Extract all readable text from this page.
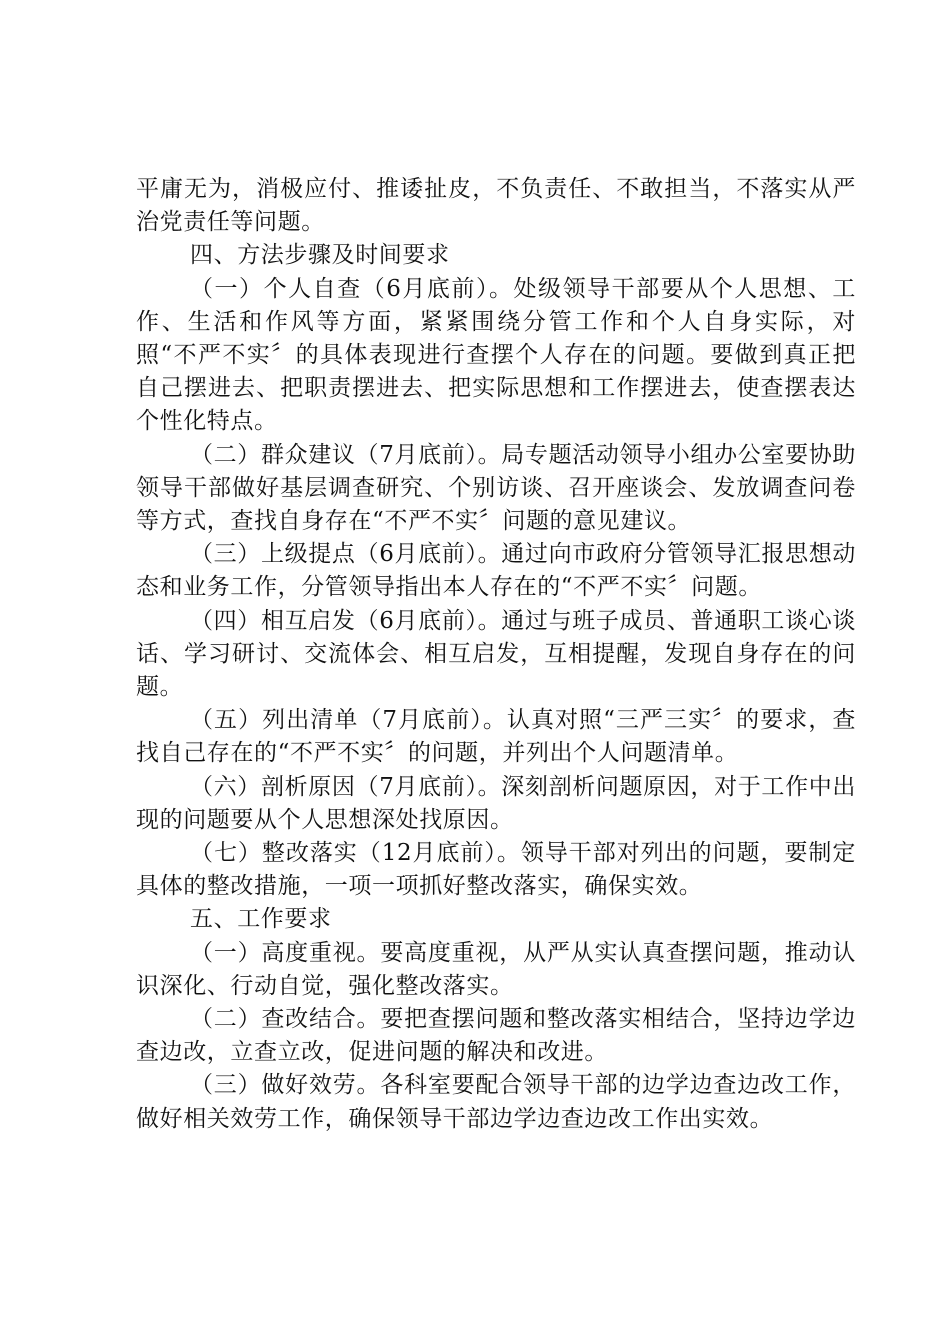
平庸无为，消极应付、推诿扯皮，不负责任、不敢担当，不落实从严治党责任等问题。

四、方法步骤及时间要求

（一）个人自查（6月底前）。处级领导干部要从个人思想、工作、生活和作风等方面，紧紧围绕分管工作和个人自身实际，对照“不严不实〞的具体表现进行查摆个人存在的问题。要做到真正把自己摆进去、把职责摆进去、把实际思想和工作摆进去，使查摆表达个性化特点。

（二）群众建议（7月底前）。局专题活动领导小组办公室要协助领导干部做好基层调查研究、个别访谈、召开座谈会、发放调查问卷等方式，查找自身存在“不严不实〞问题的意见建议。

（三）上级提点（6月底前）。通过向市政府分管领导汇报思想动态和业务工作，分管领导指出本人存在的“不严不实〞问题。

（四）相互启发（6月底前）。通过与班子成员、普通职工谈心谈话、学习研讨、交流体会、相互启发，互相提醒，发现自身存在的问题。

（五）列出清单（7月底前）。认真对照“三严三实〞的要求，查找自己存在的“不严不实〞的问题，并列出个人问题清单。

（六）剖析原因（7月底前）。深刻剖析问题原因，对于工作中出现的问题要从个人思想深处找原因。

（七）整改落实（12月底前）。领导干部对列出的问题，要制定具体的整改措施，一项一项抓好整改落实，确保实效。

五、工作要求

（一）高度重视。要高度重视，从严从实认真查摆问题，推动认识深化、行动自觉，强化整改落实。

（二）查改结合。要把查摆问题和整改落实相结合，坚持边学边查边改，立查立改，促进问题的解决和改进。

（三）做好效劳。各科室要配合领导干部的边学边查边改工作，做好相关效劳工作，确保领导干部边学边查边改工作出实效。
